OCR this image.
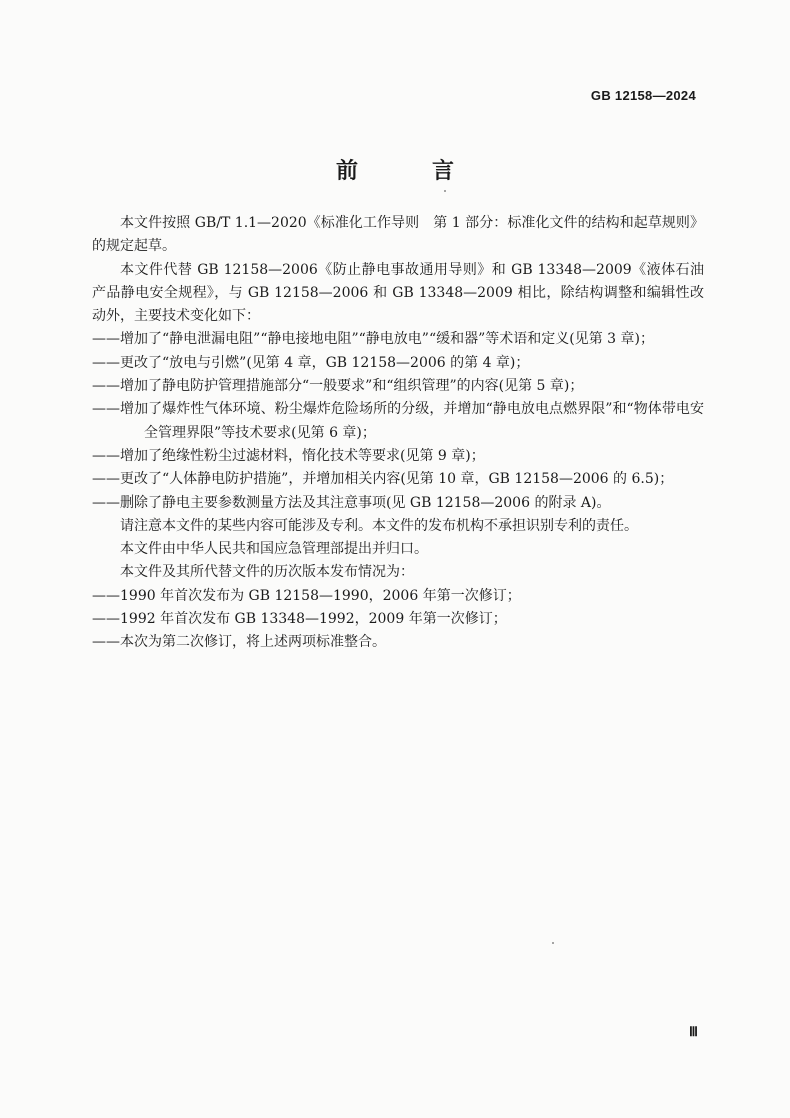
GB 12158—2024
前　言

本文件按照 GB/T 1.1—2020《标准化工作导则　第 1 部分：标准化文件的结构和起草规则》的规定起草。

本文件代替 GB 12158—2006《防止静电事故通用导则》和 GB 13348—2009《液体石油产品静电安全规程》，与 GB 12158—2006 和 GB 13348—2009 相比，除结构调整和编辑性改动外，主要技术变化如下：

——增加了“静电泄漏电阻”“静电接地电阻”“静电放电”“缓和器”等术语和定义(见第 3 章)；

——更改了“放电与引燃”(见第 4 章，GB 12158—2006 的第 4 章)；

——增加了静电防护管理措施部分“一般要求”和“组织管理”的内容(见第 5 章)；

——增加了爆炸性气体环境、粉尘爆炸危险场所的分级，并增加“静电放电点燃界限”和“物体带电安全管理界限”等技术要求(见第 6 章)；

——增加了绝缘性粉尘过滤材料，惰化技术等要求(见第 9 章)；

——更改了“人体静电防护措施”，并增加相关内容(见第 10 章，GB 12158—2006 的 6.5)；

——删除了静电主要参数测量方法及其注意事项(见 GB 12158—2006 的附录 A)。

请注意本文件的某些内容可能涉及专利。本文件的发布机构不承担识别专利的责任。

本文件由中华人民共和国应急管理部提出并归口。

本文件及其所代替文件的历次版本发布情况为：

——1990 年首次发布为 GB 12158—1990，2006 年第一次修订；

——1992 年首次发布 GB 13348—1992，2009 年第一次修订；

——本次为第二次修订，将上述两项标准整合。

Ⅲ
